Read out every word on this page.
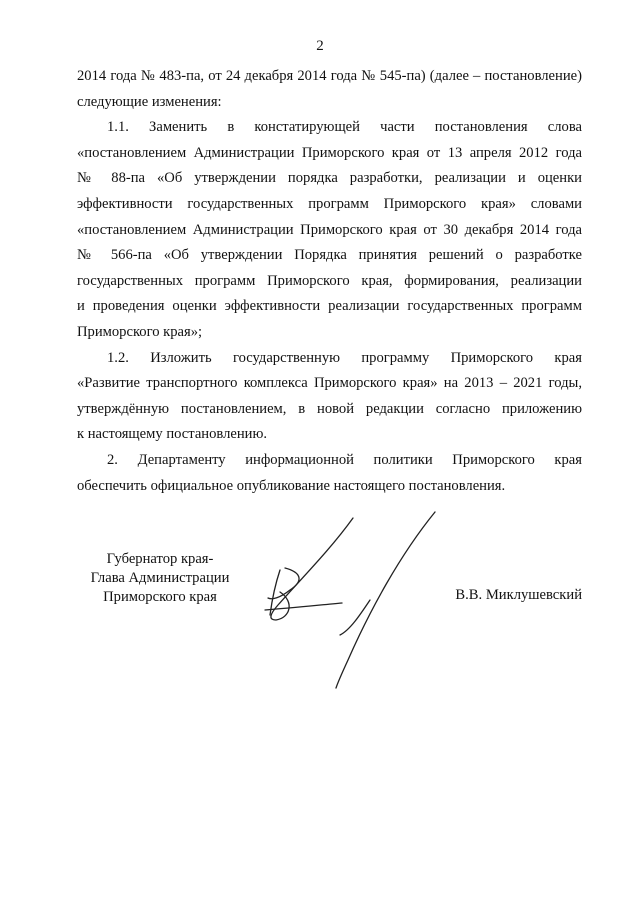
2

2014 года № 483-па, от 24 декабря 2014 года № 545-па) (далее – постановление)

следующие изменения:

1.1. Заменить в констатирующей части постановления слова

«постановлением Администрации Приморского края от 13 апреля 2012 года

№ 88-па «Об утверждении порядка разработки, реализации и оценки

эффективности государственных программ Приморского края» словами

«постановлением Администрации Приморского края от 30 декабря 2014 года

№ 566-па «Об утверждении Порядка принятия решений о разработке

государственных программ Приморского края, формирования, реализации

и проведения оценки эффективности реализации государственных программ

Приморского края»;

1.2. Изложить государственную программу Приморского края

«Развитие транспортного комплекса Приморского края» на 2013 – 2021 годы,

утверждённую постановлением, в новой редакции согласно приложению

к настоящему постановлению.

2. Департаменту информационной политики Приморского края

обеспечить официальное опубликование настоящего постановления.

Губернатор края-
Глава Администрации
Приморского края	В.В. Миклушевский
